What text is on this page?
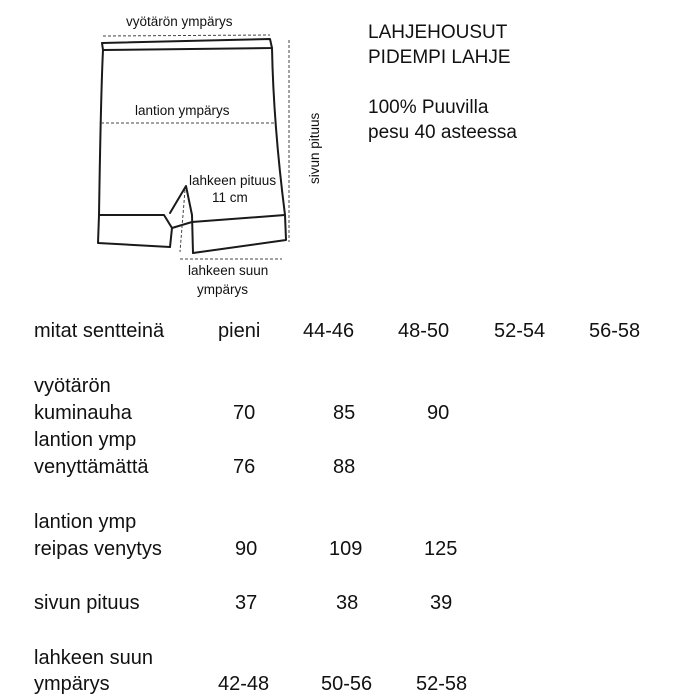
vyötärön ympärys
lantion ympärys
sivun pituus
lahkeen pituus
11 cm
lahkeen suun
ympärys
LAHJEHOUSUT
PIDEMPI LAHJE
100% Puuvilla
pesu 40 asteessa
mitat sentteinä	pieni 44-46 48-50 52-54 56-58
vyötärön
kuminauha	70	85	90
lantion ymp
venyttämättä	76	88
lantion ymp
reipas venytys	90	109	125
sivun pituus	37	38	39
lahkeen suun
ympärys	42-48	50-56 52-58
